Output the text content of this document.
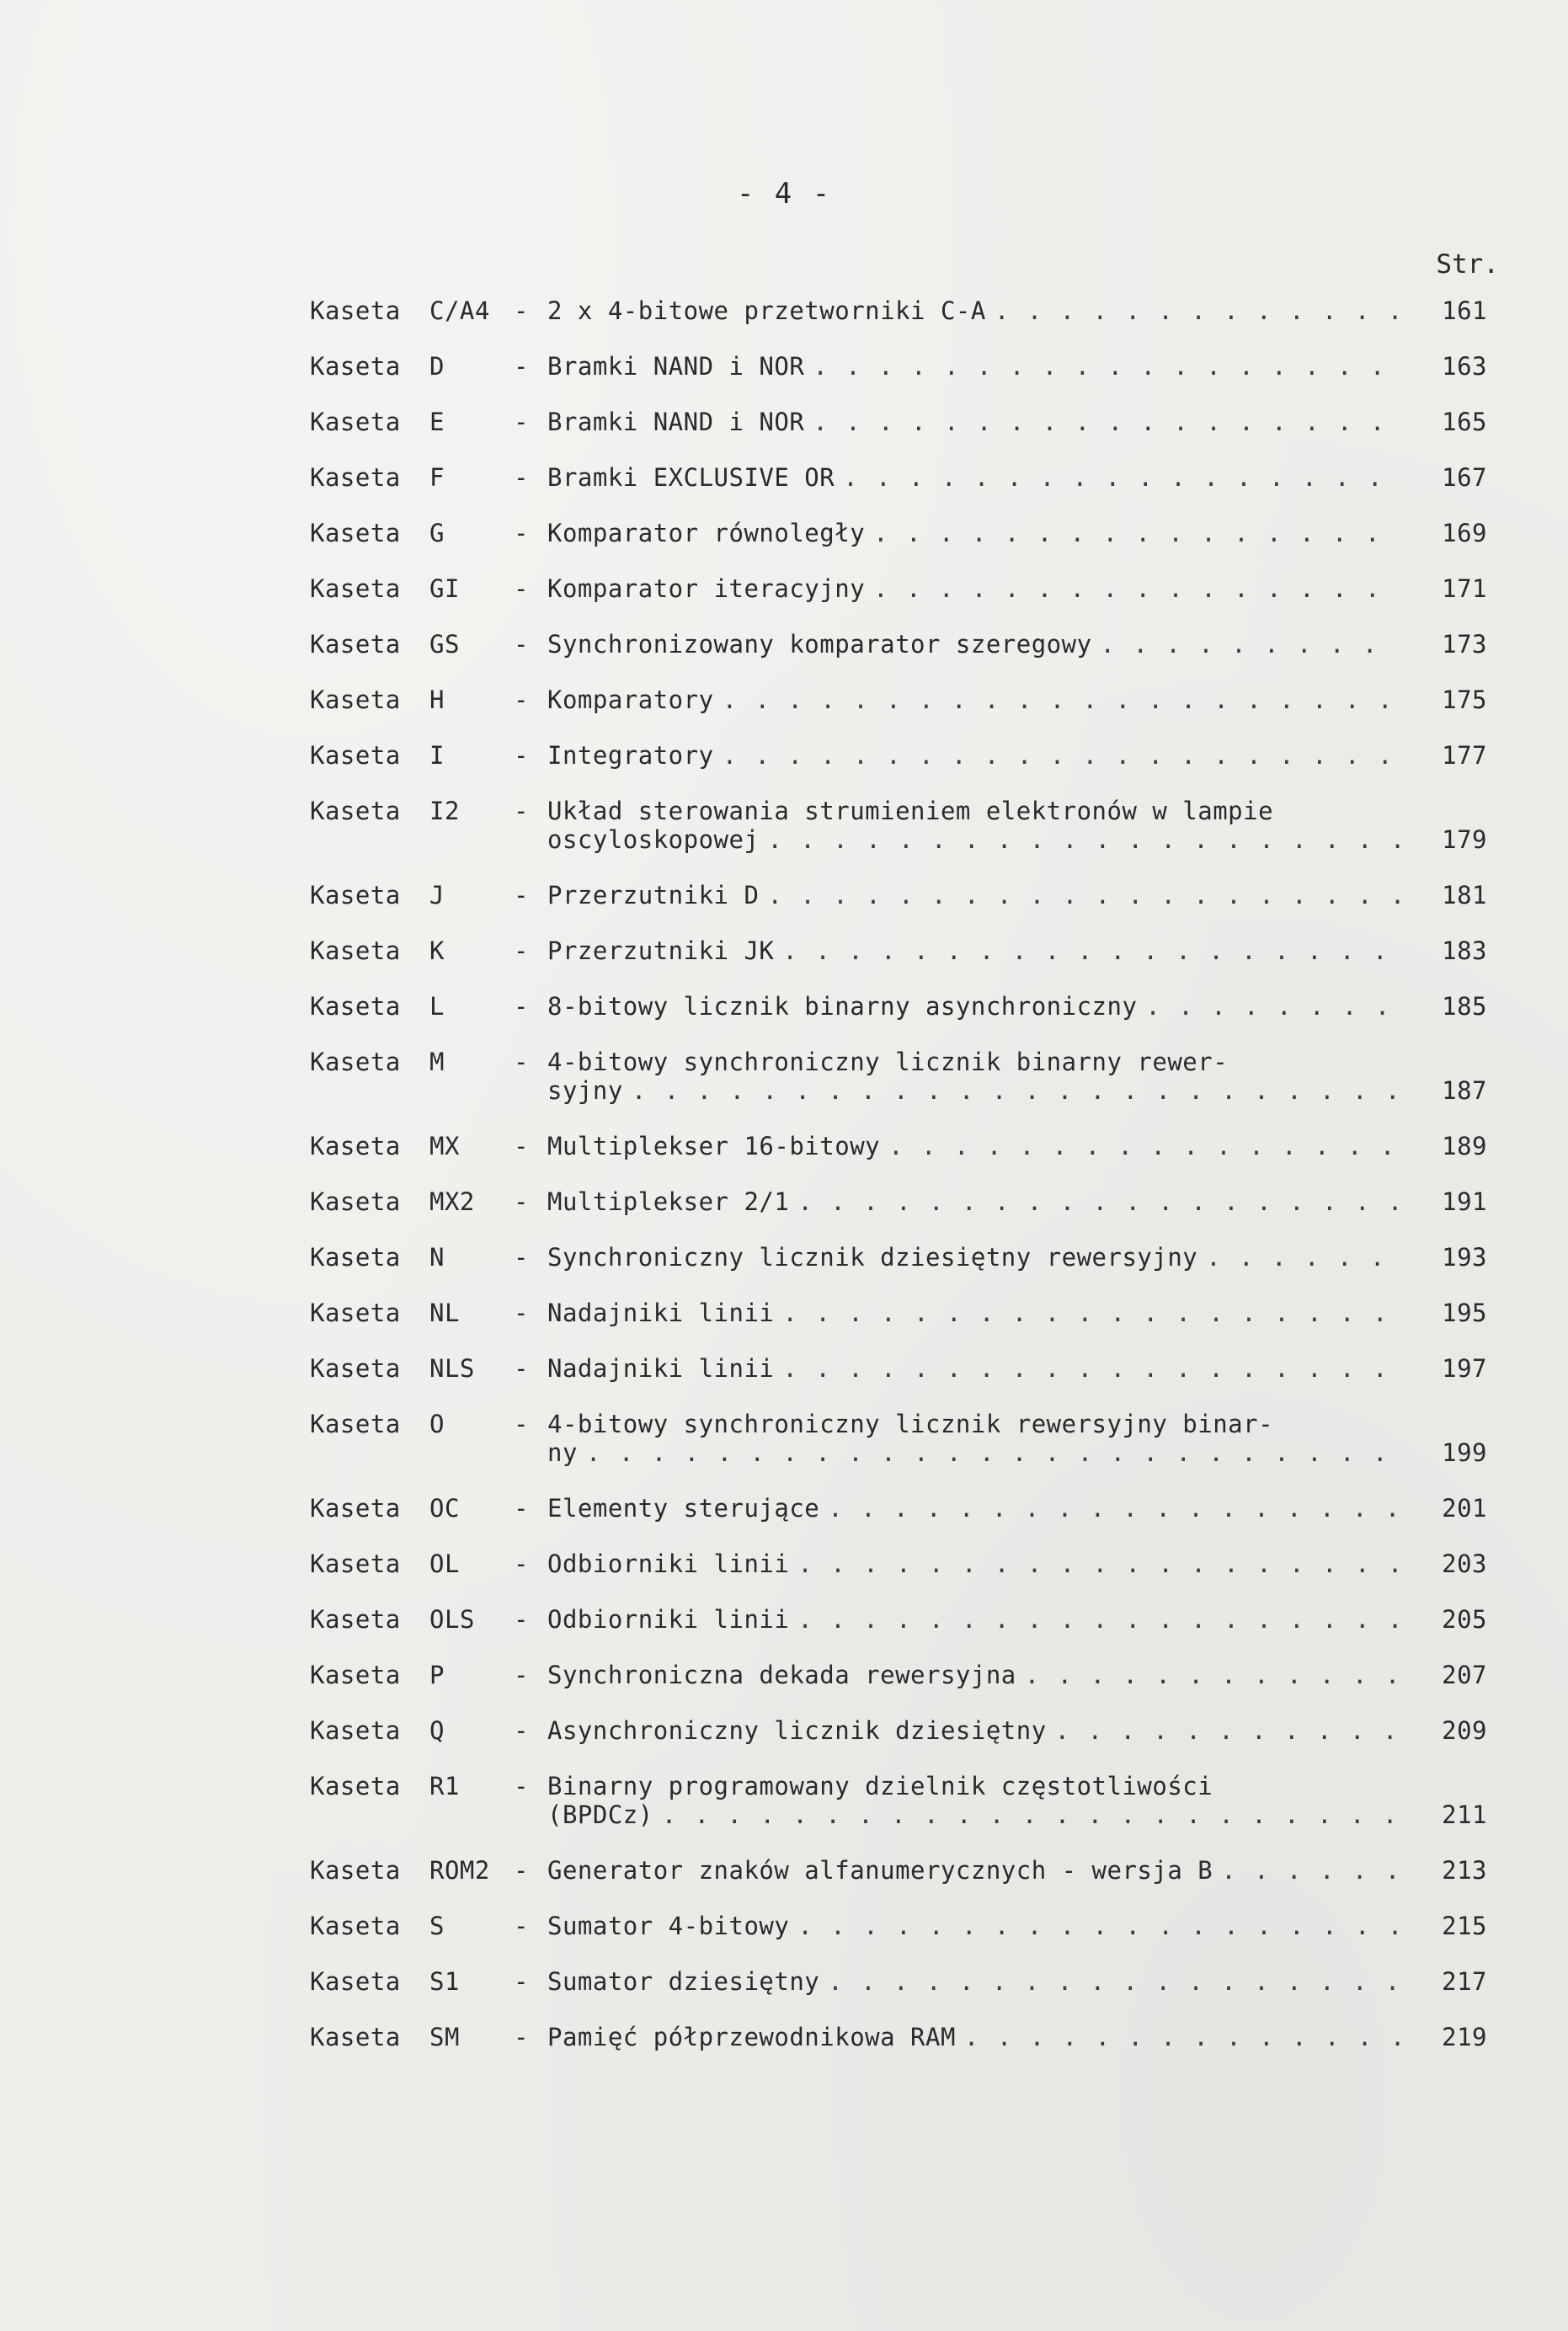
- 4 -
Str.
Kaseta	C/A4 - 2 x 4-bitowe przetworniki C-A . . .	161
Kaseta	D	- Bramki NAND i NOR . . .	163
Kaseta	E	- Bramki NAND i NOR . . .	165
Kaseta	F	- Bramki EXCLUSIVE OR . . .	167
Kaseta	G	- Komparator równoległy . . .	169
Kaseta	GI	- Komparator iteracyjny . . .	171
Kaseta	GS	- Synchronizowany komparator szeregowy . . .	173
Kaseta	H	- Komparatory . . .	175
Kaseta	I	- Integratory . . .	177
Kaseta	I2	- Układ sterowania strumieniem elektronów w lampie
oscyloskopowej . . .	179
Kaseta	J	- Przerzutniki D . . .	181
Kaseta	K	- Przerzutniki JK . . .	183
Kaseta	L	- 8-bitowy licznik binarny asynchroniczny . . .	185
Kaseta	M	- 4-bitowy synchroniczny licznik binarny rewer-
syjny . . .	187
Kaseta	MX	- Multiplekser 16-bitowy . . .	189
Kaseta	MX2	- Multiplekser 2/1 . . .	191
Kaseta	N	- Synchroniczny licznik dziesiętny rewersyjny . . .	193
Kaseta	NL	- Nadajniki linii . . .	195
Kaseta	NLS	- Nadajniki linii . . .	197
Kaseta	O	- 4-bitowy synchroniczny licznik rewersyjny binar-
ny . . .	199
Kaseta	OC	- Elementy sterujące . . .	201
Kaseta	OL	- Odbiorniki linii . . .	203
Kaseta	OLS	- Odbiorniki linii . . .	205
Kaseta	P	- Synchroniczna dekada rewersyjna . . .	207
Kaseta	Q	- Asynchroniczny licznik dziesiętny . . .	209
Kaseta	R1	- Binarny programowany dzielnik częstotliwości
(BPDCz) . . .	211
Kaseta	ROM2 - Generator znaków alfanumerycznych - wersja B . . .	213
Kaseta	S	- Sumator 4-bitowy . . .	215
Kaseta	S1	- Sumator dziesiętny . . .	217
Kaseta	SM	- Pamięć półprzewodnikowa RAM . . .	219
